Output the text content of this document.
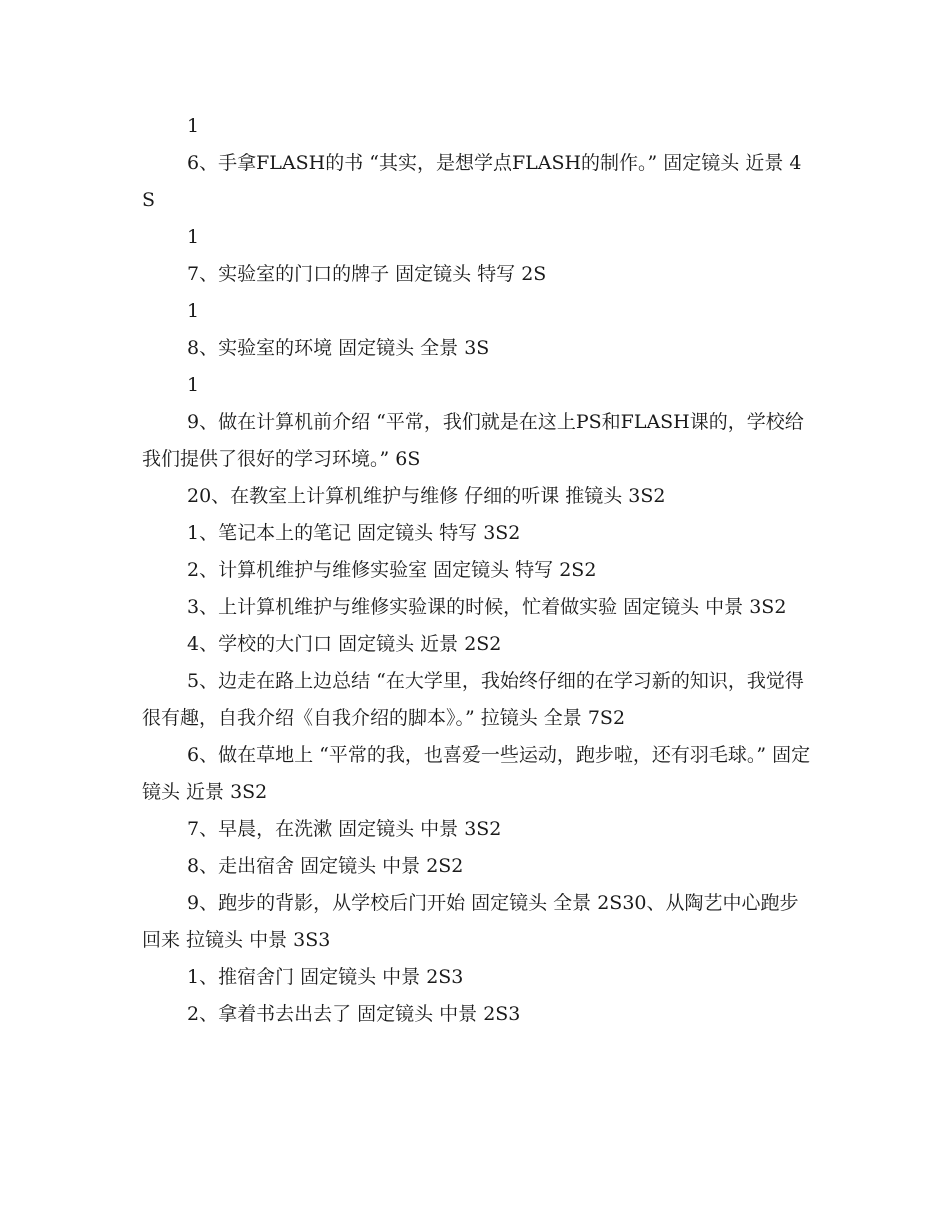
1

6、手拿FLASH的书 “其实，是想学点FLASH的制作。” 固定镜头 近景 4S

1

7、实验室的门口的牌子 固定镜头 特写 2S

1

8、实验室的环境 固定镜头 全景 3S

1

9、做在计算机前介绍 “平常，我们就是在这上PS和FLASH课的，学校给我们提供了很好的学习环境。” 6S

20、在教室上计算机维护与维修 仔细的听课 推镜头 3S2

1、笔记本上的笔记 固定镜头 特写 3S2

2、计算机维护与维修实验室 固定镜头 特写 2S2

3、上计算机维护与维修实验课的时候，忙着做实验 固定镜头 中景 3S2

4、学校的大门口 固定镜头 近景 2S2

5、边走在路上边总结 “在大学里，我始终仔细的在学习新的知识，我觉得很有趣，自我介绍《自我介绍的脚本》。” 拉镜头 全景 7S2

6、做在草地上 “平常的我，也喜爱一些运动，跑步啦，还有羽毛球。” 固定镜头 近景 3S2

7、早晨，在洗漱 固定镜头 中景 3S2

8、走出宿舍 固定镜头 中景 2S2

9、跑步的背影，从学校后门开始 固定镜头 全景 2S30、从陶艺中心跑步回来 拉镜头 中景 3S3

1、推宿舍门 固定镜头 中景 2S3

2、拿着书去出去了 固定镜头 中景 2S3
